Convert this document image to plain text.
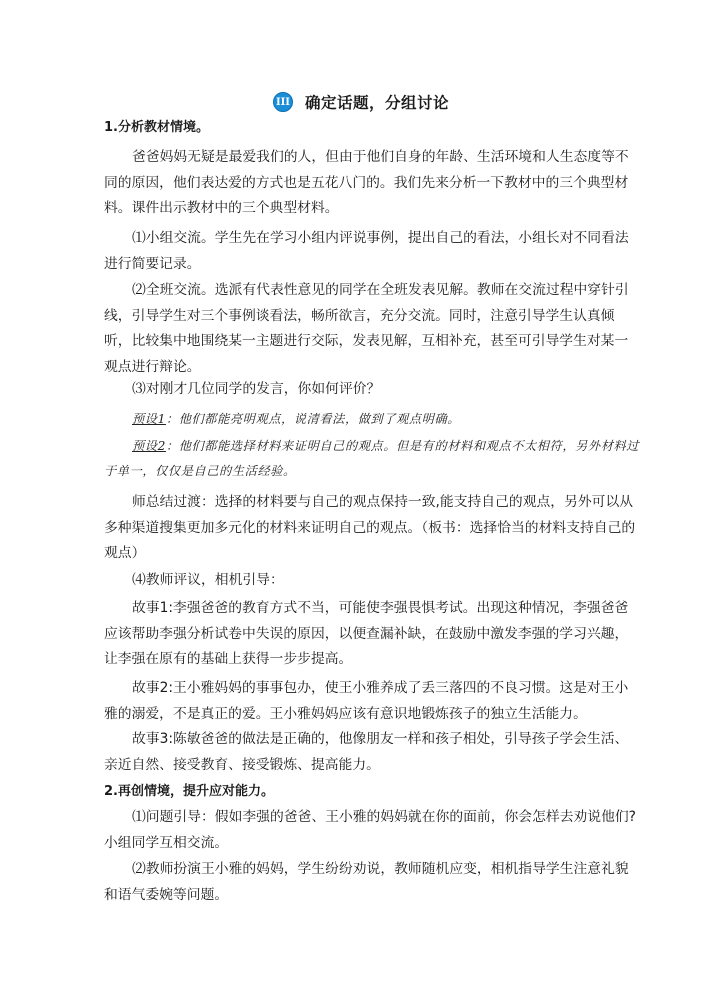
III 确定话题，分组讨论

1.分析教材情境。

爸爸妈妈无疑是最爱我们的人，但由于他们自身的年龄、生活环境和人生态度等不同的原因，他们表达爱的方式也是五花八门的。我们先来分析一下教材中的三个典型材料。课件出示教材中的三个典型材料。

⑴小组交流。学生先在学习小组内评说事例，提出自己的看法，小组长对不同看法进行简要记录。

⑵全班交流。选派有代表性意见的同学在全班发表见解。教师在交流过程中穿针引线，引导学生对三个事例谈看法，畅所欲言，充分交流。同时，注意引导学生认真倾听，比较集中地围绕某一主题进行交际，发表见解，互相补充，甚至可引导学生对某一观点进行辩论。

⑶对刚才几位同学的发言，你如何评价？

预设1：他们都能亮明观点，说清看法，做到了观点明确。

预设2：他们都能选择材料来证明自己的观点。但是有的材料和观点不太相符，另外材料过于单一，仅仅是自己的生活经验。

师总结过渡：选择的材料要与自己的观点保持一致,能支持自己的观点，另外可以从多种渠道搜集更加多元化的材料来证明自己的观点。（板书：选择恰当的材料支持自己的观点）

⑷教师评议，相机引导：

故事1:李强爸爸的教育方式不当，可能使李强畏惧考试。出现这种情况，李强爸爸应该帮助李强分析试卷中失误的原因，以便查漏补缺，在鼓励中激发李强的学习兴趣，让李强在原有的基础上获得一步步提高。

故事2:王小雅妈妈的事事包办，使王小雅养成了丢三落四的不良习惯。这是对王小雅的溺爱，不是真正的爱。王小雅妈妈应该有意识地锻炼孩子的独立生活能力。

故事3:陈敏爸爸的做法是正确的，他像朋友一样和孩子相处，引导孩子学会生活、亲近自然、接受教育、接受锻炼、提高能力。

2.再创情境，提升应对能力。

⑴问题引导：假如李强的爸爸、王小雅的妈妈就在你的面前，你会怎样去劝说他们?小组同学互相交流。

⑵教师扮演王小雅的妈妈，学生纷纷劝说，教师随机应变，相机指导学生注意礼貌和语气委婉等问题。
